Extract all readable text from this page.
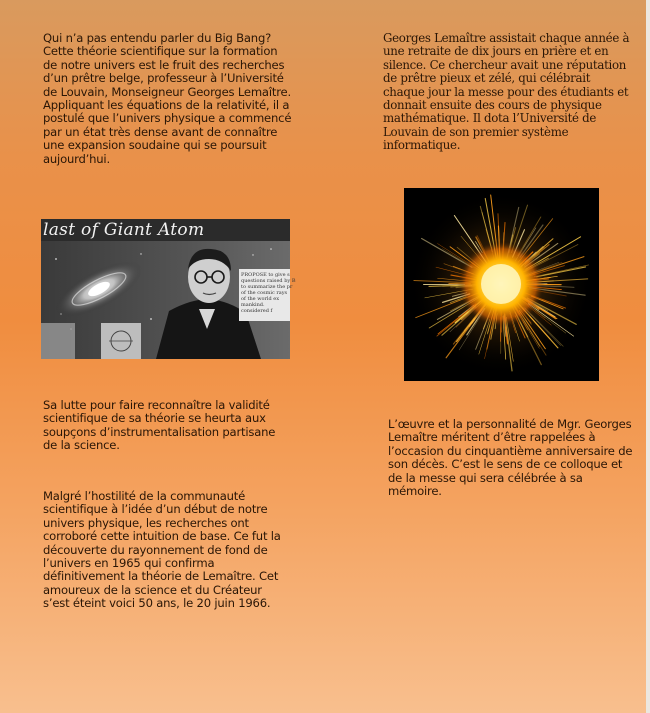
Qui n’a pas entendu parler du Big Bang? Cette théorie scientifique sur la formation de notre univers est le fruit des recherches d’un prêtre belge, professeur à l’Université de Louvain, Monseigneur Georges Lemaître. Appliquant les équations de la relativité, il a postulé que l’univers physique a commencé par un état très dense avant de connaître une expansion soudaine qui se poursuit aujourd’hui.

last of Giant Atom
PROPOSE to give s
questions raised by B
to summarize the
of the cosmic rays
of the world ex
mankind.
considered f

Sa lutte pour faire reconnaître la validité scientifique de sa théorie se heurta aux soupçons d’instrumentalisation partisane de la science.

Malgré l’hostilité de la communauté scientifique à l’idée d’un début de notre univers physique, les recherches ont corroboré cette intuition de base. Ce fut la découverte du rayonnement de fond de l’univers en 1965 qui confirma définitivement la théorie de Lemaître. Cet amoureux de la science et du Créateur s’est éteint voici 50 ans, le 20 juin 1966.

Georges Lemaître assistait chaque année à une retraite de dix jours en prière et en silence. Ce chercheur avait une réputation de prêtre pieux et zélé, qui célébrait chaque jour la messe pour des étudiants et donnait ensuite des cours de physique mathématique. Il dota l’Université de Louvain de son premier système informatique.

L’œuvre et la personnalité de Mgr. Georges Lemaître méritent d’être rappelées à l’occasion du cinquantième anniversaire de son décès. C’est le sens de ce colloque et de la messe qui sera célébrée à sa mémoire.
